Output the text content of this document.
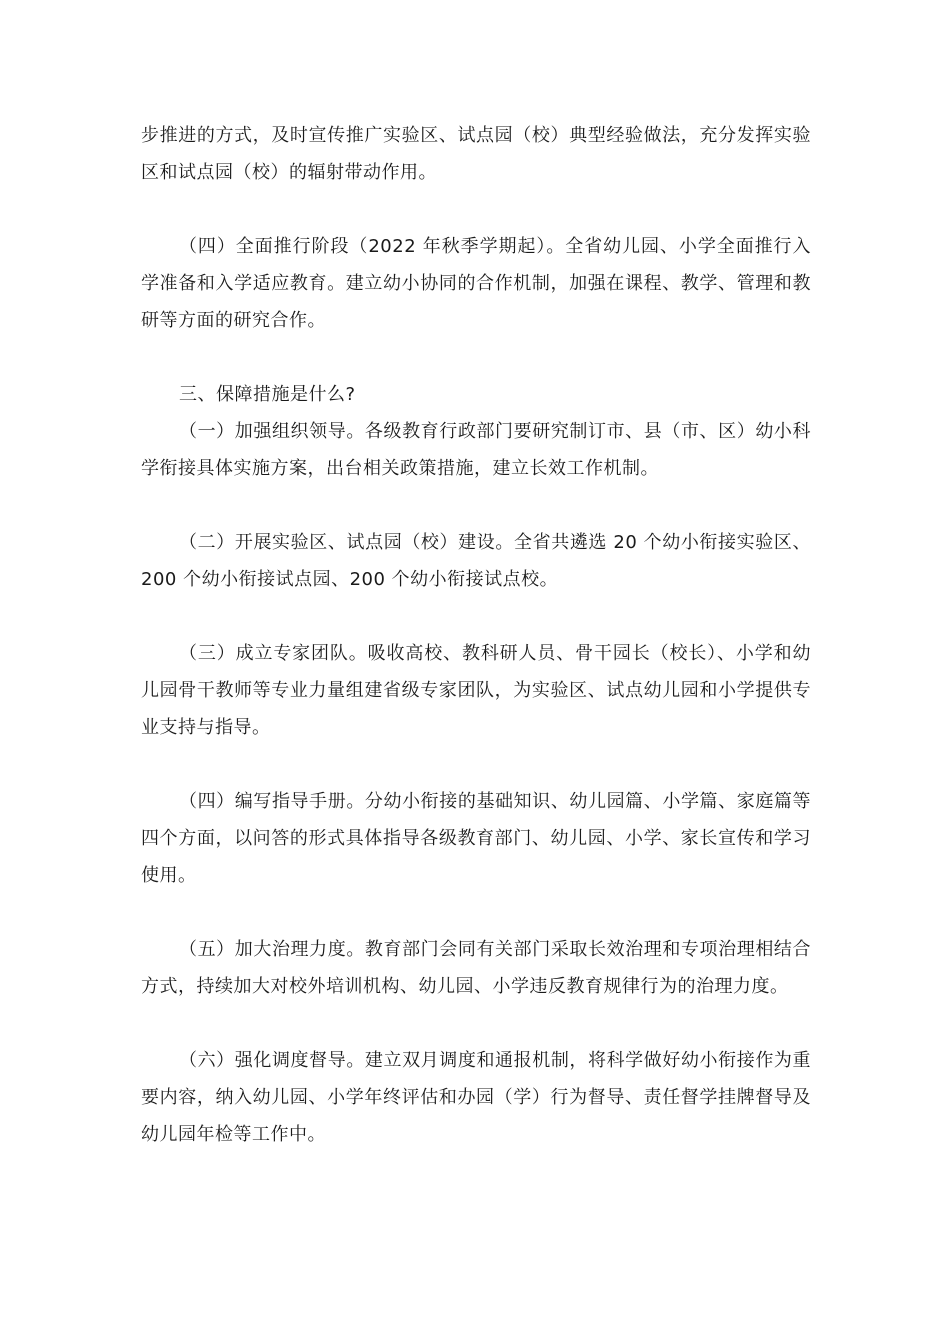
步推进的方式，及时宣传推广实验区、试点园（校）典型经验做法，充分发挥实验区和试点园（校）的辐射带动作用。

（四）全面推行阶段（2022 年秋季学期起）。全省幼儿园、小学全面推行入学准备和入学适应教育。建立幼小协同的合作机制，加强在课程、教学、管理和教研等方面的研究合作。

三、保障措施是什么?

（一）加强组织领导。各级教育行政部门要研究制订市、县（市、区）幼小科学衔接具体实施方案，出台相关政策措施，建立长效工作机制。

（二）开展实验区、试点园（校）建设。全省共遴选 20 个幼小衔接实验区、200 个幼小衔接试点园、200 个幼小衔接试点校。

（三）成立专家团队。吸收高校、教科研人员、骨干园长（校长）、小学和幼儿园骨干教师等专业力量组建省级专家团队，为实验区、试点幼儿园和小学提供专业支持与指导。

（四）编写指导手册。分幼小衔接的基础知识、幼儿园篇、小学篇、家庭篇等四个方面，以问答的形式具体指导各级教育部门、幼儿园、小学、家长宣传和学习使用。

（五）加大治理力度。教育部门会同有关部门采取长效治理和专项治理相结合方式，持续加大对校外培训机构、幼儿园、小学违反教育规律行为的治理力度。

（六）强化调度督导。建立双月调度和通报机制，将科学做好幼小衔接作为重要内容，纳入幼儿园、小学年终评估和办园（学）行为督导、责任督学挂牌督导及幼儿园年检等工作中。
